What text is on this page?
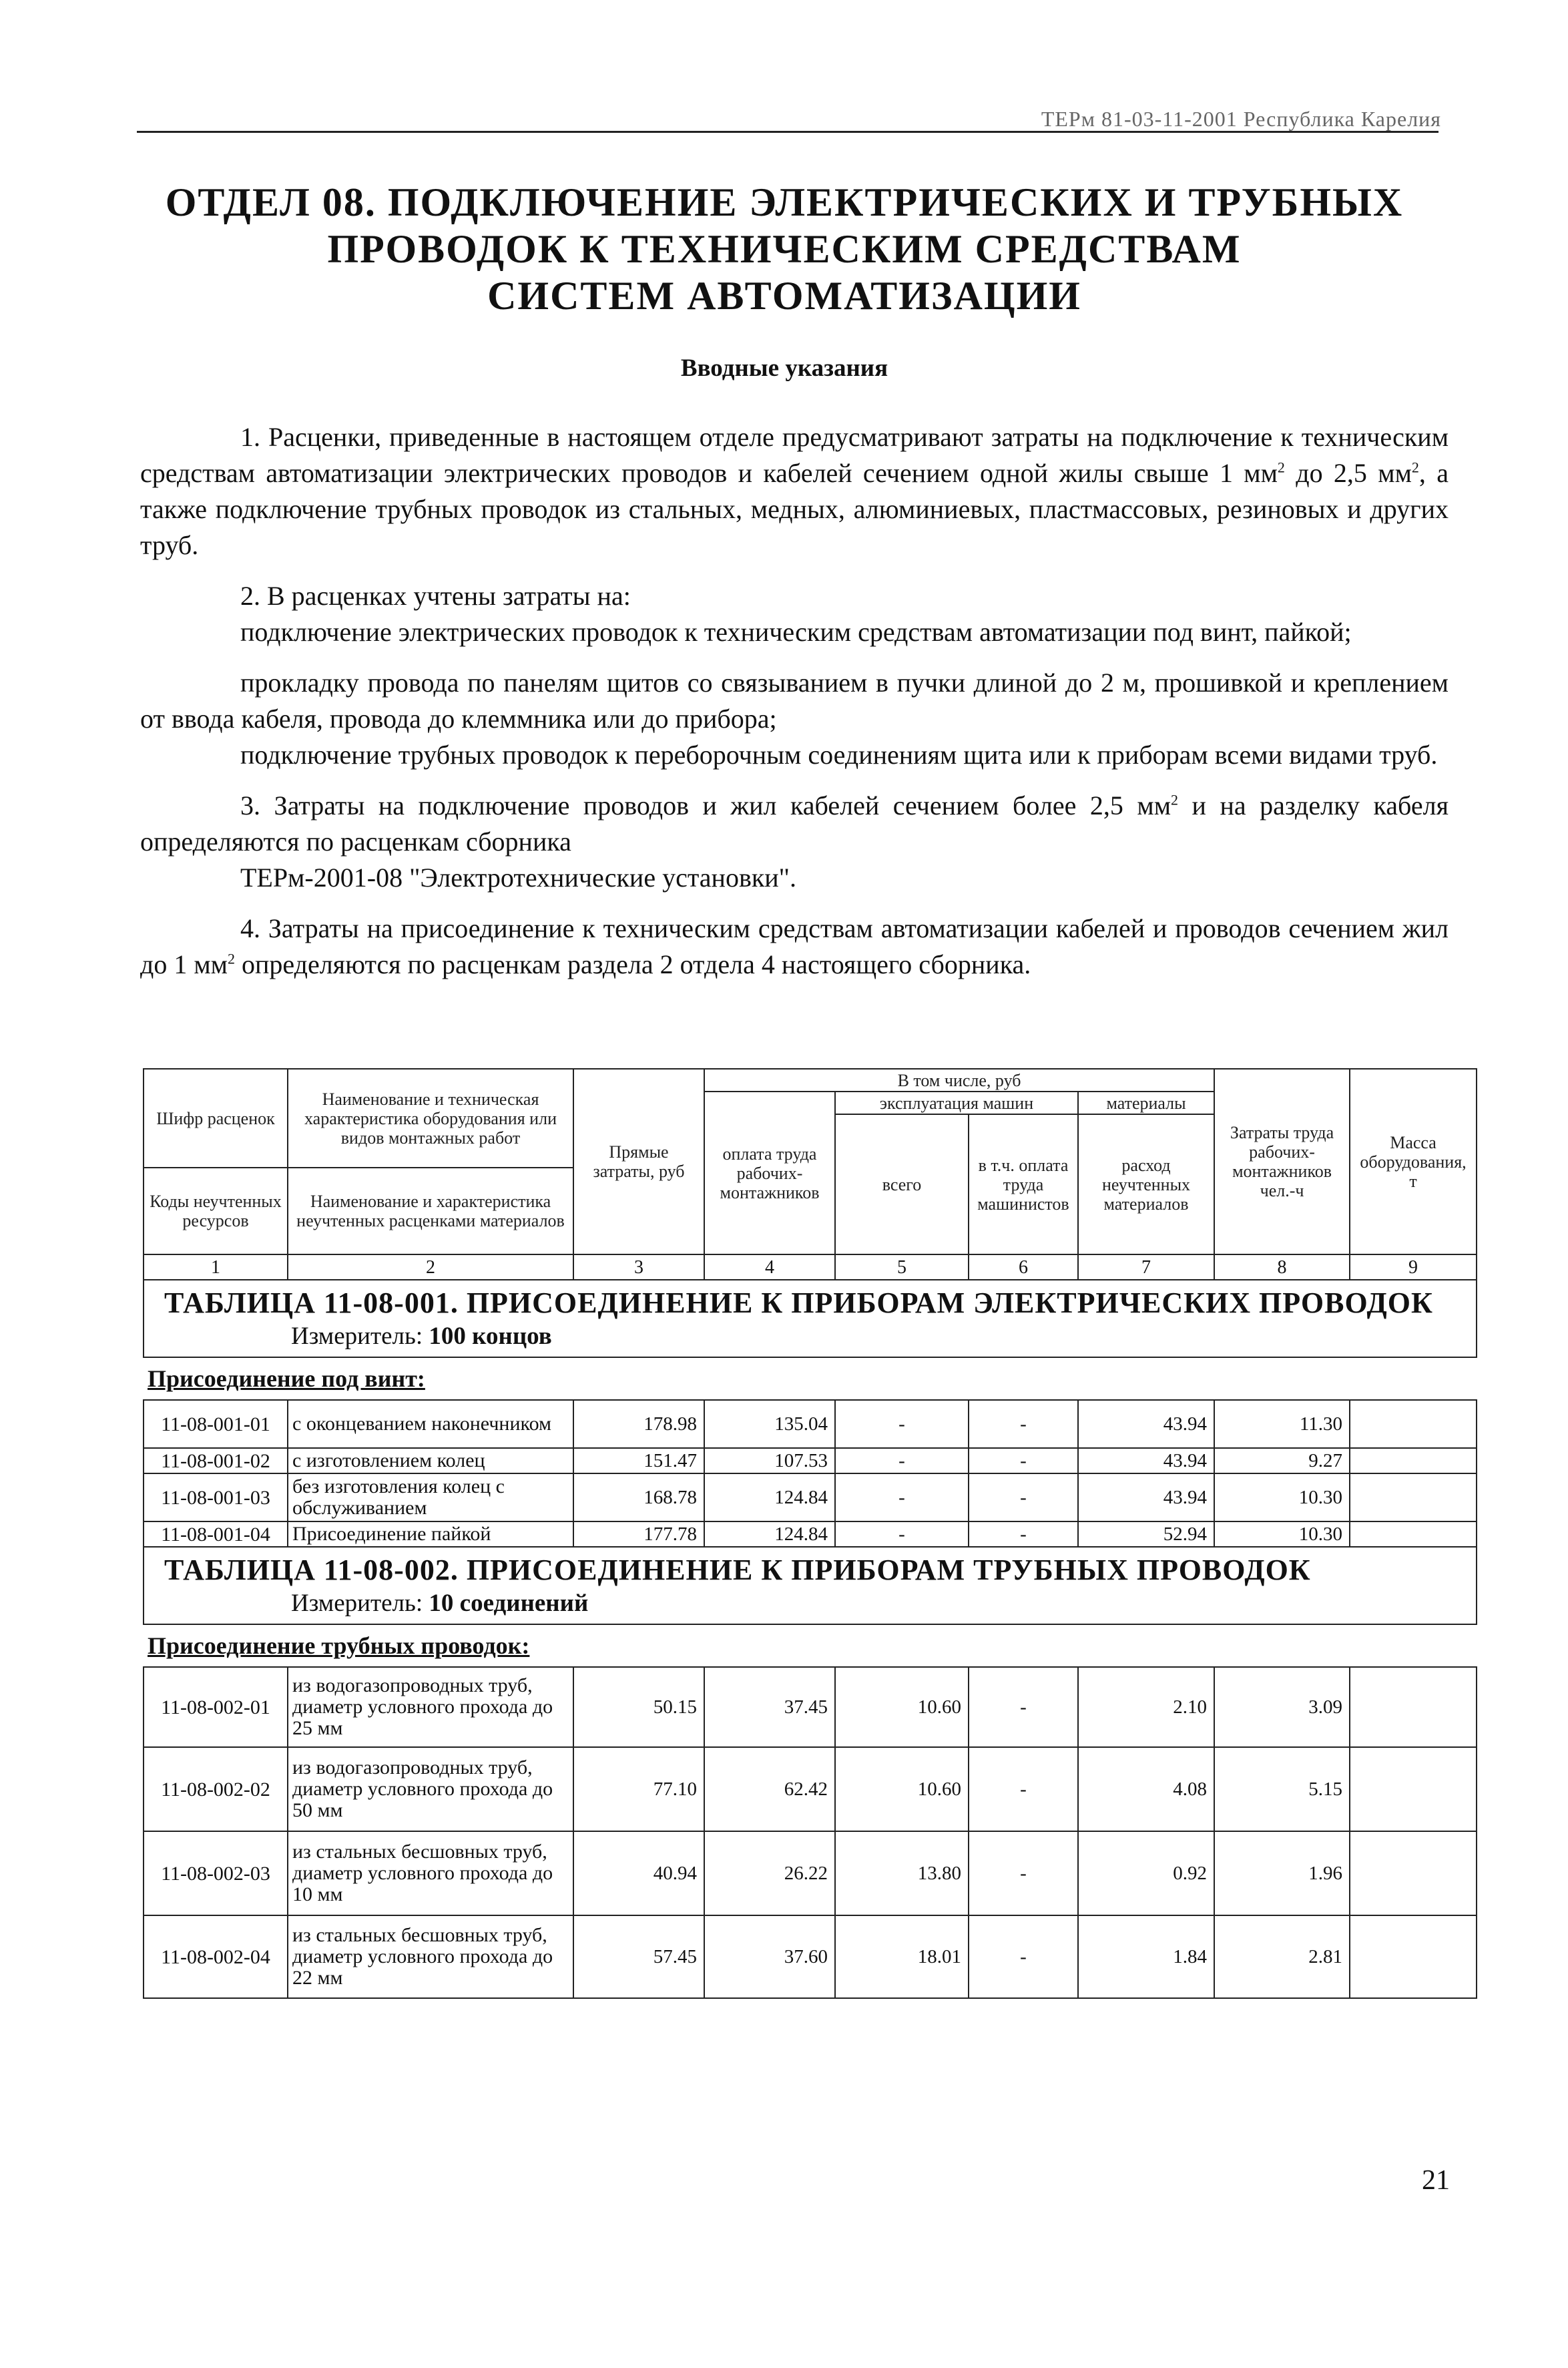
ТЕРм 81-03-11-2001 Республика Карелия
ОТДЕЛ 08. ПОДКЛЮЧЕНИЕ ЭЛЕКТРИЧЕСКИХ И ТРУБНЫХ
ПРОВОДОК К ТЕХНИЧЕСКИМ СРЕДСТВАМ
СИСТЕМ АВТОМАТИЗАЦИИ
Вводные указания

1. Расценки, приведенные в настоящем отделе предусматривают затраты на подключение к техническим средствам автоматизации электрических проводов и кабелей сечением одной жилы свыше 1 $мм^2$ до 2,5 $мм^2$, а также подключение трубных проводок из стальных, медных, алюминиевых, пластмассовых, резиновых и других труб.

2. В расценках учтены затраты на:

подключение электрических проводок к техническим средствам автоматизации под винт, пайкой;

прокладку провода по панелям щитов со связыванием в пучки длиной до 2 м, прошивкой и креплением от ввода кабеля, провода до клеммника или до прибора;

подключение трубных проводок к переборочным соединениям щита или к приборам всеми видами труб.

3. Затраты на подключение проводов и жил кабелей сечением более 2,5 $мм^2$ и на разделку кабеля определяются по расценкам сборника

ТЕРм-2001-08 "Электротехнические установки".

4. Затраты на присоединение к техническим средствам автоматизации кабелей и проводов сечением жил до 1 $мм^2$ определяются по расценкам раздела 2 отдела 4 настоящего сборника.

Шифр расценок	Наименование и техническая характеристика оборудования или видов монтажных работ	Прямые затраты, руб	В том числе, руб				Затраты труда рабочих-монтажников чел.-ч	Масса оборудования, т
			оплата труда рабочих-монтажников	эксплуатация машин		материалы		
				всего	в т.ч. оплата труда машинистов	расход неучтенных материалов		
Коды неучтенных ресурсов	Наименование и характеристика неучтенных расценками материалов							

1	2	3	4	5	6	7	8	9

ТАБЛИЦА 11-08-001. ПРИСОЕДИНЕНИЕ К ПРИБОРАМ ЭЛЕКТРИЧЕСКИХ ПРОВОДОК
Измеритель: 100 концов								

Присоединение под винт:								
11-08-001-01	с оконцеванием наконечником	178.98	135.04	-	-	43.94	11.30	
11-08-001-02	с изготовлением колец	151.47	107.53	-	-	43.94	9.27	
11-08-001-03	без изготовления колец с обслуживанием	168.78	124.84	-	-	43.94	10.30	
11-08-001-04	Присоединение пайкой	177.78	124.84	-	-	52.94	10.30	

ТАБЛИЦА 11-08-002. ПРИСОЕДИНЕНИЕ К ПРИБОРАМ ТРУБНЫХ ПРОВОДОК
Измеритель: 10 соединений								

Присоединение трубных проводок:								
11-08-002-01	из водогазопроводных труб, диаметр условного прохода до 25 мм	50.15	37.45	10.60	-	2.10	3.09	
11-08-002-02	из водогазопроводных труб, диаметр условного прохода до 50 мм	77.10	62.42	10.60	-	4.08	5.15	
11-08-002-03	из стальных бесшовных труб, диаметр условного прохода до 10 мм	40.94	26.22	13.80	-	0.92	1.96	
11-08-002-04	из стальных бесшовных труб, диаметр условного прохода до 22 мм	57.45	37.60	18.01	-	1.84	2.81	
21
